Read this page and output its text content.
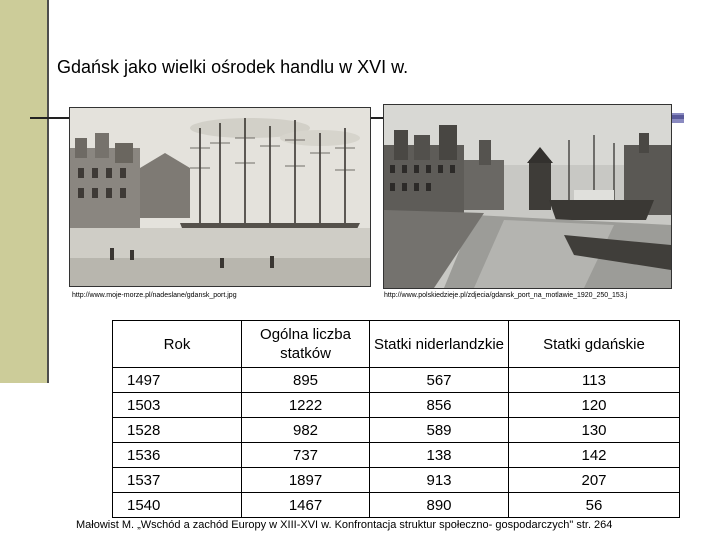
Gdańsk jako wielki ośrodek handlu w XVI w.
http://www.moje-morze.pl/nadeslane/gdansk_port.jpg	http://www.polskiedzieje.pl/zdjecia/gdansk_port_na_motlawie_1920_250_153.j
Rok	Ogólna liczba statków	Statki niderlandzkie	Statki gdańskie
1497	895	567	113
1503	1222	856	120
1528	982	589	130
1536	737	138	142
1537	1897	913	207
1540	1467	890	56
Małowist M. „Wschód a zachód Europy w XIII-XVI w. Konfrontacja struktur społeczno- gospodarczych" str. 264
